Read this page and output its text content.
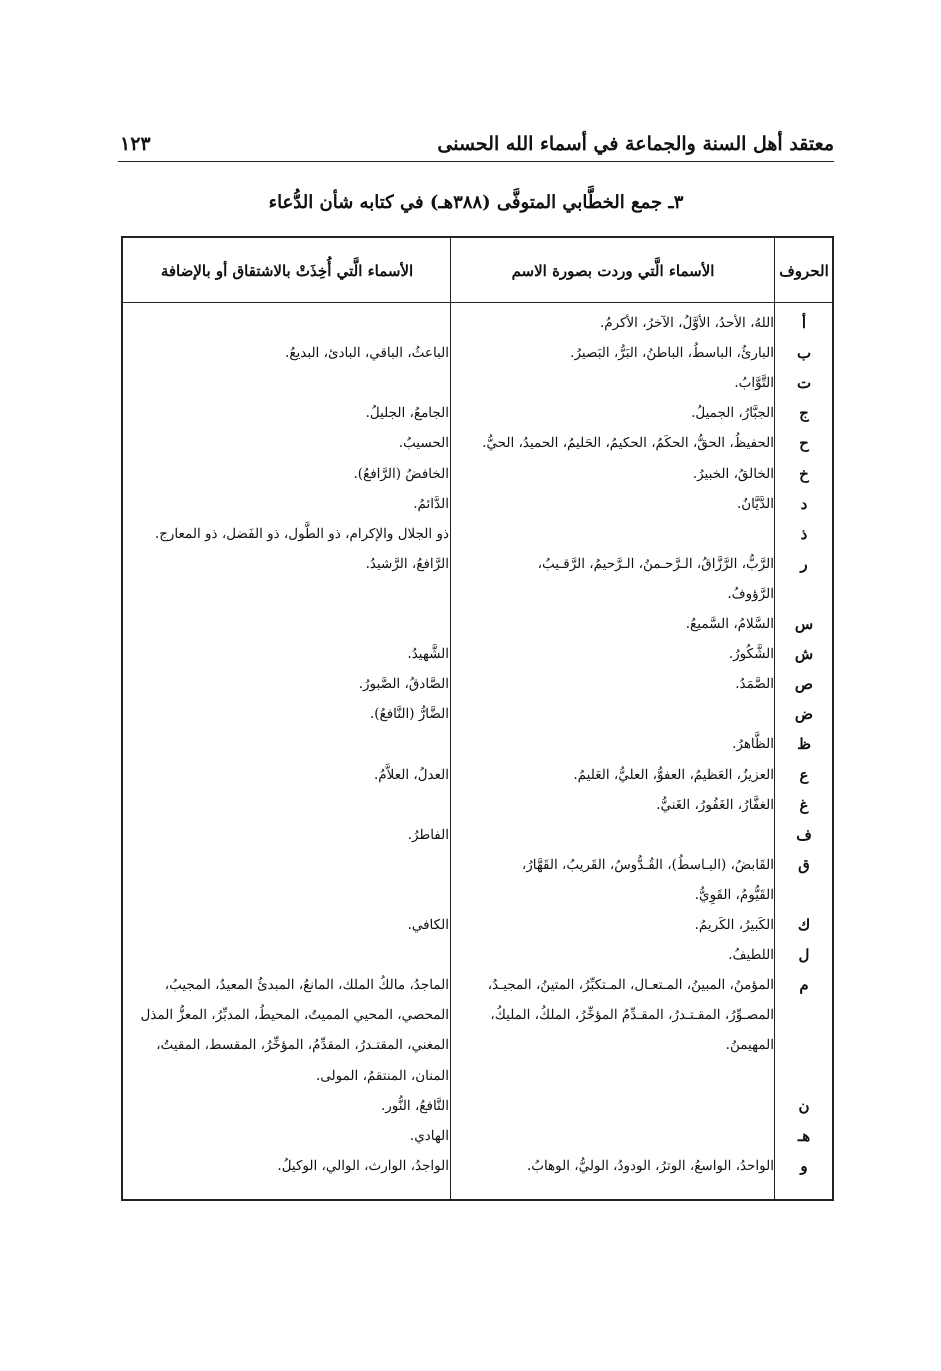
معتقد أهل السنة والجماعة في أسماء الله الحسنى
١٢٣
٣ـ جمع الخطَّابي المتوفَّى (٣٨٨هـ) في كتابه شأن الدُّعاء
الحروف
الأسماء الَّتي وردت بصورة الاسم
الأسماء الَّتي أُخِذَتْ بالاشتقاق أو بالإضافة
أ
اللهُ، الأحدُ، الأوَّلُ، الآخرُ، الأكرمُ.
ب
البارئُ، الباسطُ، الباطنُ، البَرُّ، البَصيرُ.
الباعثُ، الباقي، البادئ، البديعُ.
ت
التَّوَّابُ.
ج
الجبَّارُ، الجميلُ.
الجامعُ، الجليلُ.
ح
الحفيظُ، الحقُّ، الحكَمُ، الحكيمُ، الحَليمُ، الحميدُ، الحيُّ.
الحسيبُ.
خ
الخالقُ، الخبيرُ.
الخافضُ (الرَّافعُ).
د
الدَّيَّانُ.
الدَّائمُ.
ذ
ذو الجلال والإكرام، ذو الطَّول، ذو الفَضل، ذو المعارج.
ر
الرَّبُّ، الرَّزَّاقُ، الـرَّحـمنُ، الـرَّحيمُ، الرَّقـيبُ،
الرَّافعُ، الرَّشيدُ.
الرَّؤوفُ.
س
السَّلامُ، السَّميعُ.
ش
الشَّكُورُ.
الشَّهيدُ.
ص
الصَّمَدُ.
الصَّادقُ، الصَّبورُ.
ض
الضَّارُّ (النَّافعُ).
ظ
الظَّاهرُ.
ع
العزيزُ، العَظيمُ، العفوُّ، العليُّ، العَليمُ.
العدلُ، العلاَّمُ.
غ
الغفَّارُ، الغَفُورُ، الغَنيُّ.
ف
الفاطرُ.
ق
القَابضُ، (البـاسطُ)، القُـدُّوسُ، القَريبُ، القَهَّارُ،
القَيُّومُ، القَوِيُّ.
ك
الكَبيرُ، الكَريمُ.
الكافي.
ل
اللطيفُ.
م
المؤمنُ، المبينُ، المـتعـال، المـتكبِّرُ، المتينُ، المجيـدُ،
الماجدُ، مالكُ الملك، المانعُ، المبدئُ المعيدُ، المجيبُ،
المصـوِّرُ، المقـتـدرُ، المقـدِّمُ المؤخِّرُ، الملكُ، المليكُ،
المحصي، المحيي المميتُ، المحيطُ، المدبِّرُ، المعزُّ المذل
المهيمنُ.
المغني، المقتـدرُ، المقدِّمُ، المؤخِّرُ، المقسط، المقيتُ،
المنان، المنتقمُ، المولى.
ن
النَّافعُ، النُّور.
هـ
الهادي.
و
الواحدُ، الواسعُ، الوترُ، الودودُ، الوليُّ، الوهابُ.
الواجدُ، الوارث، الوالي، الوكيلُ.
